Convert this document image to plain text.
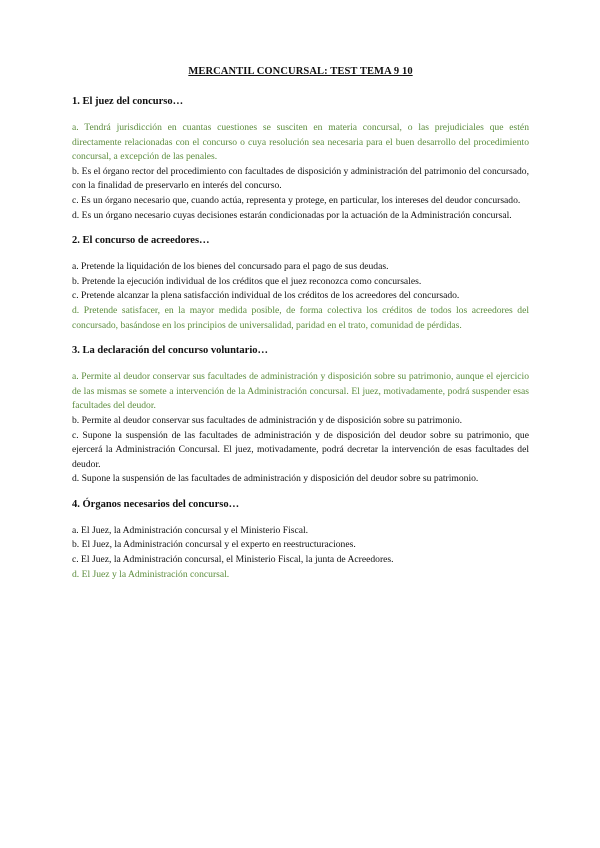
MERCANTIL CONCURSAL: TEST TEMA 9 10
1. El juez del concurso…

a. Tendrá jurisdicción en cuantas cuestiones se susciten en materia concursal, o las prejudiciales que estén directamente relacionadas con el concurso o cuya resolución sea necesaria para el buen desarrollo del procedimiento concursal, a excepción de las penales.

b. Es el órgano rector del procedimiento con facultades de disposición y administración del patrimonio del concursado, con la finalidad de preservarlo en interés del concurso.

c. Es un órgano necesario que, cuando actúa, representa y protege, en particular, los intereses del deudor concursado.

d. Es un órgano necesario cuyas decisiones estarán condicionadas por la actuación de la Administración concursal.

2. El concurso de acreedores…

a. Pretende la liquidación de los bienes del concursado para el pago de sus deudas.

b. Pretende la ejecución individual de los créditos que el juez reconozca como concursales.

c. Pretende alcanzar la plena satisfacción individual de los créditos de los acreedores del concursado.

d. Pretende satisfacer, en la mayor medida posible, de forma colectiva los créditos de todos los acreedores del concursado, basándose en los principios de universalidad, paridad en el trato, comunidad de pérdidas.

3. La declaración del concurso voluntario…

a. Permite al deudor conservar sus facultades de administración y disposición sobre su patrimonio, aunque el ejercicio de las mismas se somete a intervención de la Administración concursal. El juez, motivadamente, podrá suspender esas facultades del deudor.

b. Permite al deudor conservar sus facultades de administración y de disposición sobre su patrimonio.

c. Supone la suspensión de las facultades de administración y de disposición del deudor sobre su patrimonio, que ejercerá la Administración Concursal. El juez, motivadamente, podrá decretar la intervención de esas facultades del deudor.

d. Supone la suspensión de las facultades de administración y disposición del deudor sobre su patrimonio.

4. Órganos necesarios del concurso…

a. El Juez, la Administración concursal y el Ministerio Fiscal.

b. El Juez, la Administración concursal y el experto en reestructuraciones.

c. El Juez, la Administración concursal, el Ministerio Fiscal, la junta de Acreedores.

d. El Juez y la Administración concursal.
